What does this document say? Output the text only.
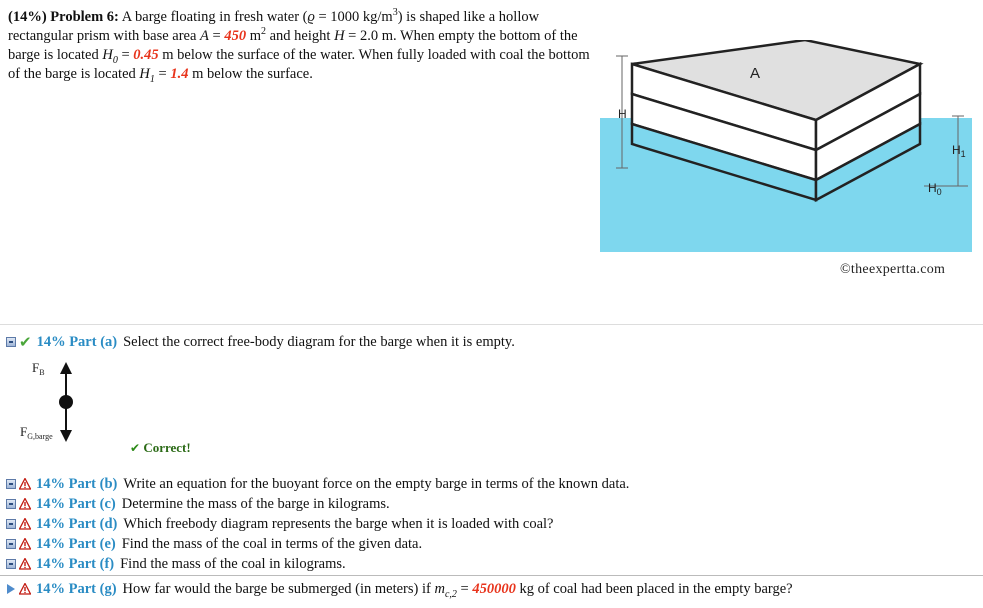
(14%) Problem 6: A barge floating in fresh water (ϱ = 1000 $kg/m^3$) is shaped like a hollow rectangular prism with base area A = 450 $m^2$ and height H = 2.0 m. When empty the bottom of the barge is located $H_0 = 0.45$ m below the surface of the water. When fully loaded with coal the bottom of the barge is located $H_1 = 1.4$ m below the surface.
H
A
$H_1$
$H_0$
©theexpertta.com
✔ 14% Part (a) Select the correct free-body diagram for the barge when it is empty.
$F_B$
$F_{G,barge}$
✔ Correct!
14% Part (b) Write an equation for the buoyant force on the empty barge in terms of the known data.
14% Part (c) Determine the mass of the barge in kilograms.
14% Part (d) Which freebody diagram represents the barge when it is loaded with coal?
14% Part (e) Find the mass of the coal in terms of the given data.
14% Part (f) Find the mass of the coal in kilograms.
14% Part (g) How far would the barge be submerged (in meters) if $m_{c,2} = 450000$ kg of coal had been placed in the empty barge?
